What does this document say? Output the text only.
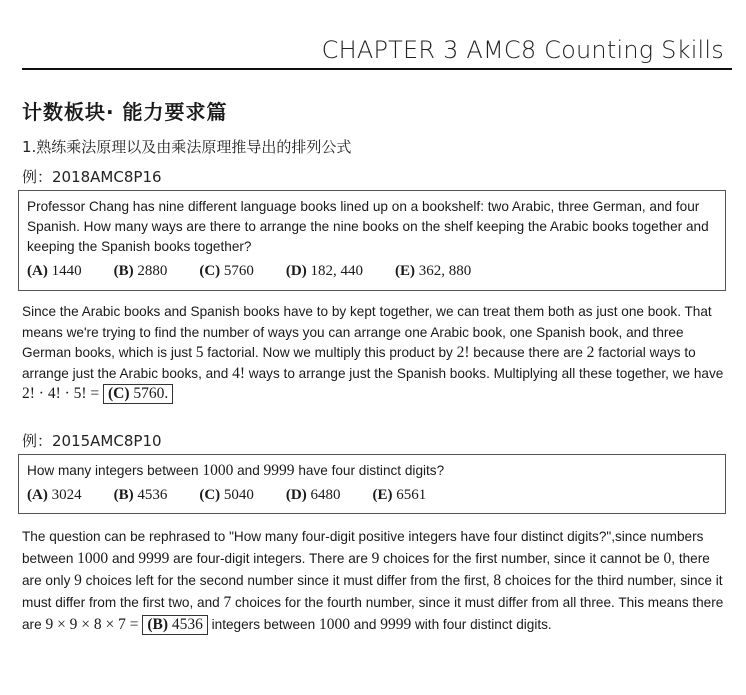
CHAPTER 3 AMC8 Counting Skills
计数板块· 能力要求篇
1.熟练乘法原理以及由乘法原理推导出的排列公式
例：2018AMC8P16
Professor Chang has nine different language books lined up on a bookshelf: two Arabic, three German, and four Spanish. How many ways are there to arrange the nine books on the shelf keeping the Arabic books together and keeping the Spanish books together?
(A) 1440 (B) 2880 (C) 5760 (D) 182, 440 (E) 362, 880
Since the Arabic books and Spanish books have to by kept together, we can treat them both as just one book. That means we're trying to find the number of ways you can arrange one Arabic book, one Spanish book, and three German books, which is just 5 factorial. Now we multiply this product by 2! because there are 2 factorial ways to arrange just the Arabic books, and 4! ways to arrange just the Spanish books. Multiplying all these together, we have 2! · 4! · 5! = (C) 5760.
例：2015AMC8P10
How many integers between 1000 and 9999 have four distinct digits?
(A) 3024 (B) 4536 (C) 5040 (D) 6480 (E) 6561
The question can be rephrased to "How many four-digit positive integers have four distinct digits?",since numbers between 1000 and 9999 are four-digit integers. There are 9 choices for the first number, since it cannot be 0, there are only 9 choices left for the second number since it must differ from the first, 8 choices for the third number, since it must differ from the first two, and 7 choices for the fourth number, since it must differ from all three. This means there are 9 × 9 × 8 × 7 = (B) 4536 integers between 1000 and 9999 with four distinct digits.
